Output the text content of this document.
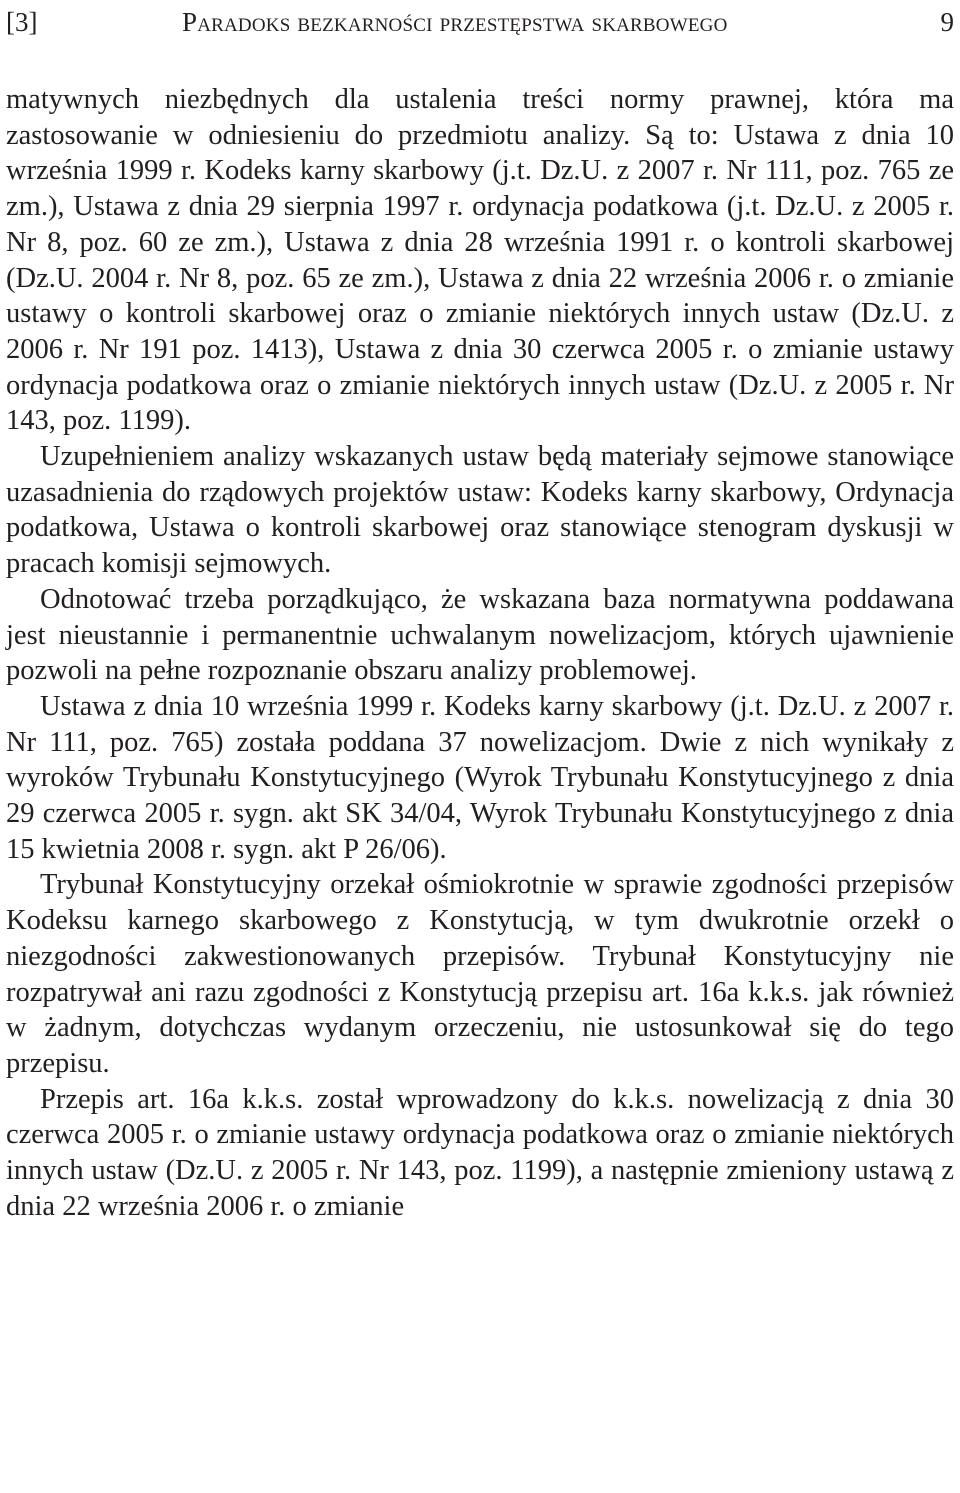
[3]	Paradoks bezkarności przestępstwa skarbowego	9

matywnych niezbędnych dla ustalenia treści normy prawnej, która ma zastosowanie w odniesieniu do przedmiotu analizy. Są to: Ustawa z dnia 10 września 1999 r. Kodeks karny skarbowy (j.t. Dz.U. z 2007 r. Nr 111, poz. 765 ze zm.), Ustawa z dnia 29 sierpnia 1997 r. ordynacja podatkowa (j.t. Dz.U. z 2005 r. Nr 8, poz. 60 ze zm.), Ustawa z dnia 28 września 1991 r. o kontroli skarbowej (Dz.U. 2004 r. Nr 8, poz. 65 ze zm.), Ustawa z dnia 22 września 2006 r. o zmianie ustawy o kontroli skarbowej oraz o zmianie niektórych innych ustaw (Dz.U. z 2006 r. Nr 191 poz. 1413), Ustawa z dnia 30 czerwca 2005 r. o zmianie ustawy ordynacja podatkowa oraz o zmianie niektórych innych ustaw (Dz.U. z 2005 r. Nr 143, poz. 1199).

Uzupełnieniem analizy wskazanych ustaw będą materiały sejmowe stanowiące uzasadnienia do rządowych projektów ustaw: Kodeks karny skarbowy, Ordynacja podatkowa, Ustawa o kontroli skarbowej oraz stanowiące stenogram dyskusji w pracach komisji sejmowych.

Odnotować trzeba porządkująco, że wskazana baza normatywna poddawana jest nieustannie i permanentnie uchwalanym nowelizacjom, których ujawnienie pozwoli na pełne rozpoznanie obszaru analizy problemowej.

Ustawa z dnia 10 września 1999 r. Kodeks karny skarbowy (j.t. Dz.U. z 2007 r. Nr 111, poz. 765) została poddana 37 nowelizacjom. Dwie z nich wynikały z wyroków Trybunału Konstytucyjnego (Wyrok Trybunału Konstytucyjnego z dnia 29 czerwca 2005 r. sygn. akt SK 34/04, Wyrok Trybunału Konstytucyjnego z dnia 15 kwietnia 2008 r. sygn. akt P 26/06).

Trybunał Konstytucyjny orzekał ośmiokrotnie w sprawie zgodności przepisów Kodeksu karnego skarbowego z Konstytucją, w tym dwukrotnie orzekł o niezgodności zakwestionowanych przepisów. Trybunał Konstytucyjny nie rozpatrywał ani razu zgodności z Konstytucją przepisu art. 16a k.k.s. jak również w żadnym, dotychczas wydanym orzeczeniu, nie ustosunkował się do tego przepisu.

Przepis art. 16a k.k.s. został wprowadzony do k.k.s. nowelizacją z dnia 30 czerwca 2005 r. o zmianie ustawy ordynacja podatkowa oraz o zmianie niektórych innych ustaw (Dz.U. z 2005 r. Nr 143, poz. 1199), a następnie zmieniony ustawą z dnia 22 września 2006 r. o zmianie
